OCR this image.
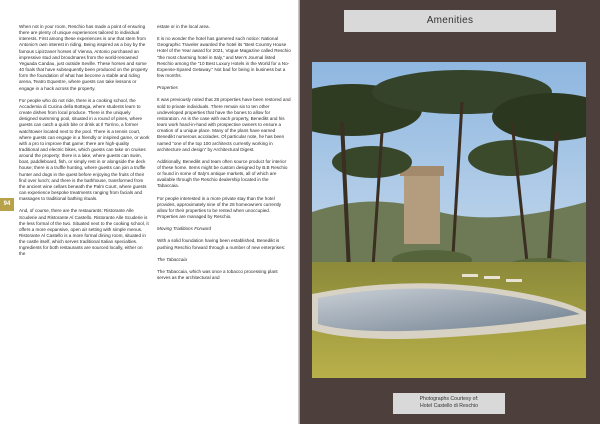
When not in your room, Reschio has made a point of ensuring there are plenty of unique experiences tailored to individual interests. First among these experiences is one that stem from Antonio’s own interest in riding. Being inspired as a boy by the famous Lipizzaner horses of Vienna, Antonio purchased an impressive stud and broodmares from the world-renowned Yeguada Candau, just outside Seville. These horses and some 40 foals that have subsequently been produced on the property form the foundation of what has become a stable and riding arena, Teatro Equestre, where guests can take lessons or engage in a hack across the property.

For people who do not ride, there is a cooking school, the Accademia di Cucina della Bottega, where students learn to create dishes from local produce. There is the uniquely designed swimming pool, situated in a round of pines, where guests can catch a quick bite or drink at Il Torrino, a former watchtower located next to the pool. There is a tennis court, where guests can engage in a friendly or inspired game, or work with a pro to improve that game; there are high-quality traditional and electric bikes, which guests can take on cruises around the property; there is a lake, where guests can swim, boat, paddleboard, fish, or simply rest in or alongside the deck house; there is a truffle hunting, where guests can join a truffle hunter and dogs in the quest before enjoying the fruits of their find over lunch; and there is the bathhouse, transformed from the ancient wine cellars beneath the Palm Court, where guests can experience bespoke treatments ranging from facials and massages to traditional bathing rituals.

And, of course, there are the restaurants: Ristorante Alle Scuderie and Ristorante Al Castello. Ristorante Alle Scuderie is the less formal of the two. Situated next to the cooking school, it offers a more expansive, open air setting with simple menus. Ristorante Al Castello is a more formal dining room, situated in the castle itself, which serves traditional Italian specialties. Ingredients for both restaurants are sourced locally, either on the

estate or in the local area.

It is no wonder the hotel has garnered such notice: National Geographic Traveler awarded the hotel its “Best Country House Hotel of the Year award for 2021, Vogue Magazine called Reschio “the most charming hotel in Italy,” and Men’s Journal listed Reschio among the “10 Best Luxury Hotels in the World for a No-Expense-Spared Getaway.” Not bad for being in business but a few months.

Properties

It was previously noted that 28 properties have been restored and sold to private individuals. There remain six to ten other undeveloped properties that have the bones to allow for restoration. As is the case with each property, Benedikt and his team work hand-in-hand with prospective owners to ensure a creation of a unique place. Many of the plans have earned Benedikt numerous accolades. Of particular note, he has been named “one of the top 100 architects currently working in architecture and design” by Architectural Digest.

Additionally, Benedikt and team often source product for interior of these home. Items might be custom designed by B.B Reschio or found in some of Italy’s antique markets, all of which are available through the Reschio dealership located in the Tabaccaia.

For people interested in a more private stay than the hotel provides, approximately nine of the 28 homeowners currently allow for their properties to be rented when unoccupied. Properties are managed by Reschio.

Moving Traditions Forward

With a solid foundation having been established, Benedikt is pushing Reschio forward through a number of new enterprises:

The Tabaccaia

The Tabaccaia, which was once a tobacco processing plant serves as the architectural and

94
Amenities
Photographs Courtesy of:
Hotel Castello di Reschio
